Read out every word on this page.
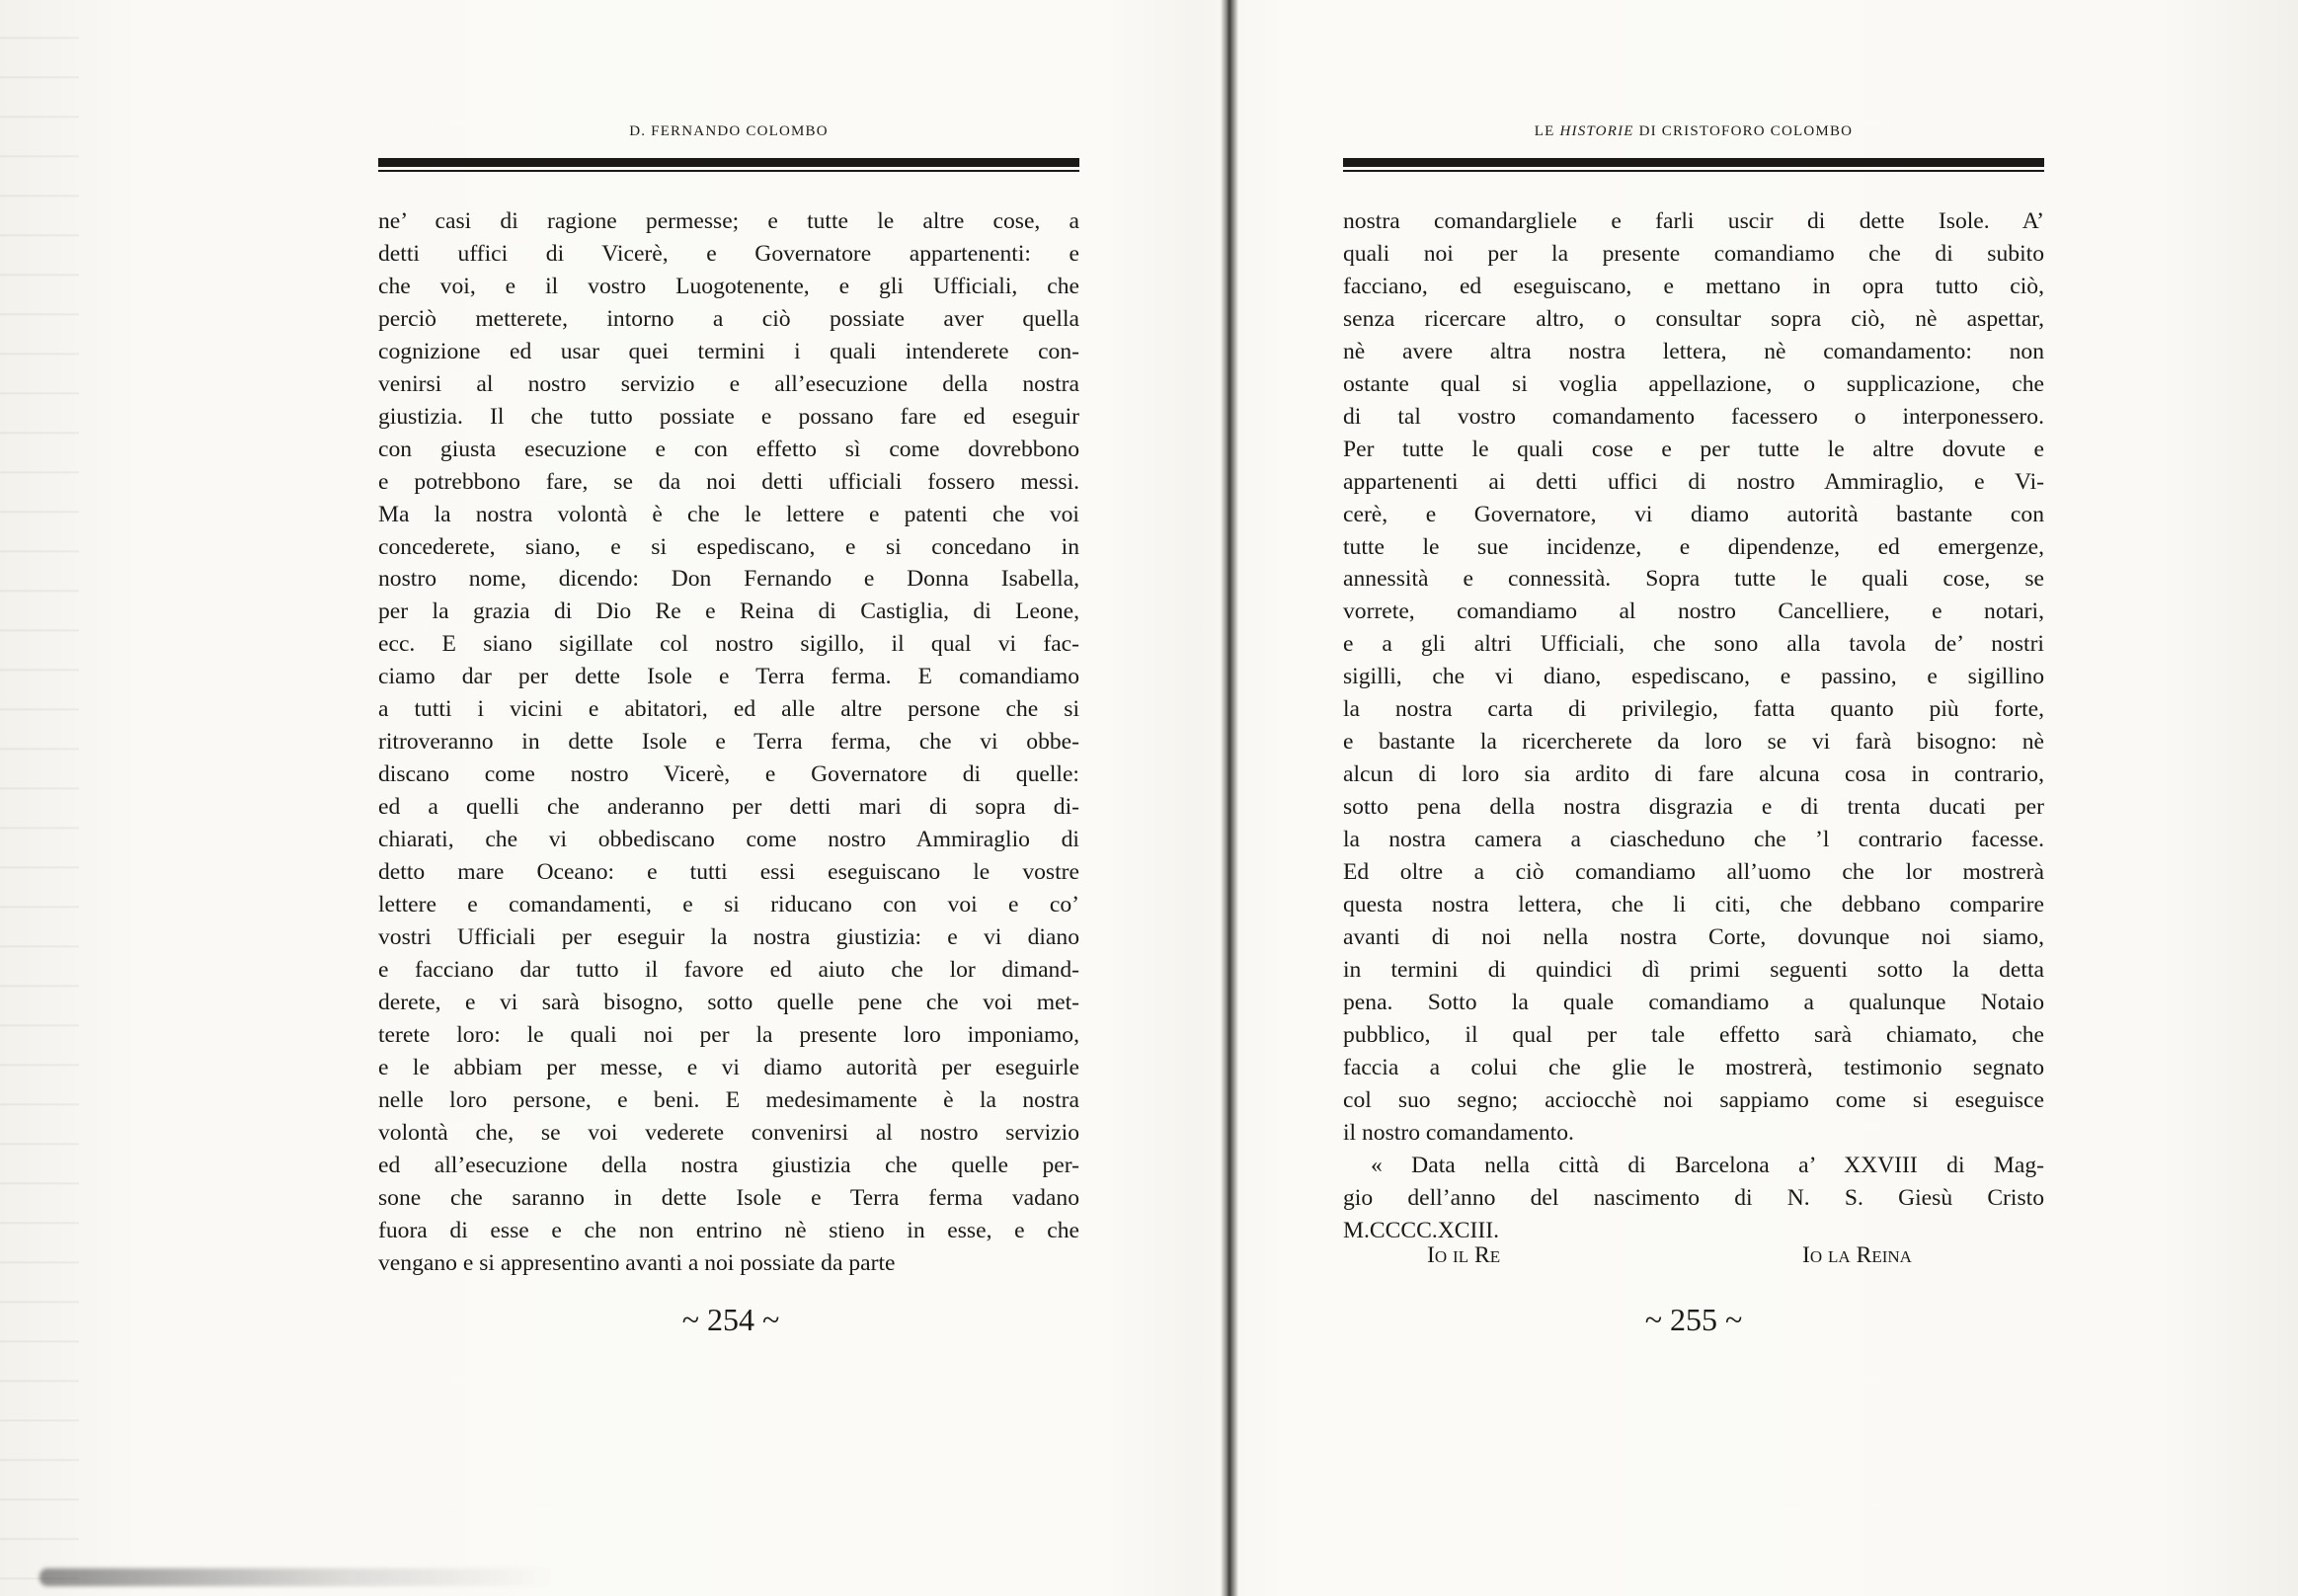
D. FERNANDO COLOMBO
ne’ casi di ragione permesse; e tutte le altre cose, a
detti uffici di Vicerè, e Governatore appartenenti: e
che voi, e il vostro Luogotenente, e gli Ufficiali, che
perciò metterete, intorno a ciò possiate aver quella
cognizione ed usar quei termini i quali intenderete con-
venirsi al nostro servizio e all’esecuzione della nostra
giustizia. Il che tutto possiate e possano fare ed eseguir
con giusta esecuzione e con effetto sì come dovrebbono
e potrebbono fare, se da noi detti ufficiali fossero messi.
Ma la nostra volontà è che le lettere e patenti che voi
concederete, siano, e si espediscano, e si concedano in
nostro nome, dicendo: Don Fernando e Donna Isabella,
per la grazia di Dio Re e Reina di Castiglia, di Leone,
ecc. E siano sigillate col nostro sigillo, il qual vi fac-
ciamo dar per dette Isole e Terra ferma. E comandiamo
a tutti i vicini e abitatori, ed alle altre persone che si
ritroveranno in dette Isole e Terra ferma, che vi obbe-
discano come nostro Vicerè, e Governatore di quelle:
ed a quelli che anderanno per detti mari di sopra di-
chiarati, che vi obbediscano come nostro Ammiraglio di
detto mare Oceano: e tutti essi eseguiscano le vostre
lettere e comandamenti, e si riducano con voi e co’
vostri Ufficiali per eseguir la nostra giustizia: e vi diano
e facciano dar tutto il favore ed aiuto che lor dimand-
derete, e vi sarà bisogno, sotto quelle pene che voi met-
terete loro: le quali noi per la presente loro imponiamo,
e le abbiam per messe, e vi diamo autorità per eseguirle
nelle loro persone, e beni. E medesimamente è la nostra
volontà che, se voi vederete convenirsi al nostro servizio
ed all’esecuzione della nostra giustizia che quelle per-
sone che saranno in dette Isole e Terra ferma vadano
fuora di esse e che non entrino nè stieno in esse, e che
vengano e si appresentino avanti a noi possiate da parte
~ 254 ~
LE HISTORIE DI CRISTOFORO COLOMBO
nostra comandargliele e farli uscir di dette Isole. A’
quali noi per la presente comandiamo che di subito
facciano, ed eseguiscano, e mettano in opra tutto ciò,
senza ricercare altro, o consultar sopra ciò, nè aspettar,
nè avere altra nostra lettera, nè comandamento: non
ostante qual si voglia appellazione, o supplicazione, che
di tal vostro comandamento facessero o interponessero.
Per tutte le quali cose e per tutte le altre dovute e
appartenenti ai detti uffici di nostro Ammiraglio, e Vi-
cerè, e Governatore, vi diamo autorità bastante con
tutte le sue incidenze, e dipendenze, ed emergenze,
annessità e connessità. Sopra tutte le quali cose, se
vorrete, comandiamo al nostro Cancelliere, e notari,
e a gli altri Ufficiali, che sono alla tavola de’ nostri
sigilli, che vi diano, espediscano, e passino, e sigillino
la nostra carta di privilegio, fatta quanto più forte,
e bastante la ricercherete da loro se vi farà bisogno: nè
alcun di loro sia ardito di fare alcuna cosa in contrario,
sotto pena della nostra disgrazia e di trenta ducati per
la nostra camera a ciascheduno che ’l contrario facesse.
Ed oltre a ciò comandiamo all’uomo che lor mostrerà
questa nostra lettera, che li citi, che debbano comparire
avanti di noi nella nostra Corte, dovunque noi siamo,
in termini di quindici dì primi seguenti sotto la detta
pena. Sotto la quale comandiamo a qualunque Notaio
pubblico, il qual per tale effetto sarà chiamato, che
faccia a colui che glie le mostrerà, testimonio segnato
col suo segno; acciocchè noi sappiamo come si eseguisce
il nostro comandamento.
« Data nella città di Barcelona a’ XXVIII di Mag-
gio dell’anno del nascimento di N. S. Giesù Cristo
M.CCCC.XCIII.
Io il Re	Io la Reina
~ 255 ~
